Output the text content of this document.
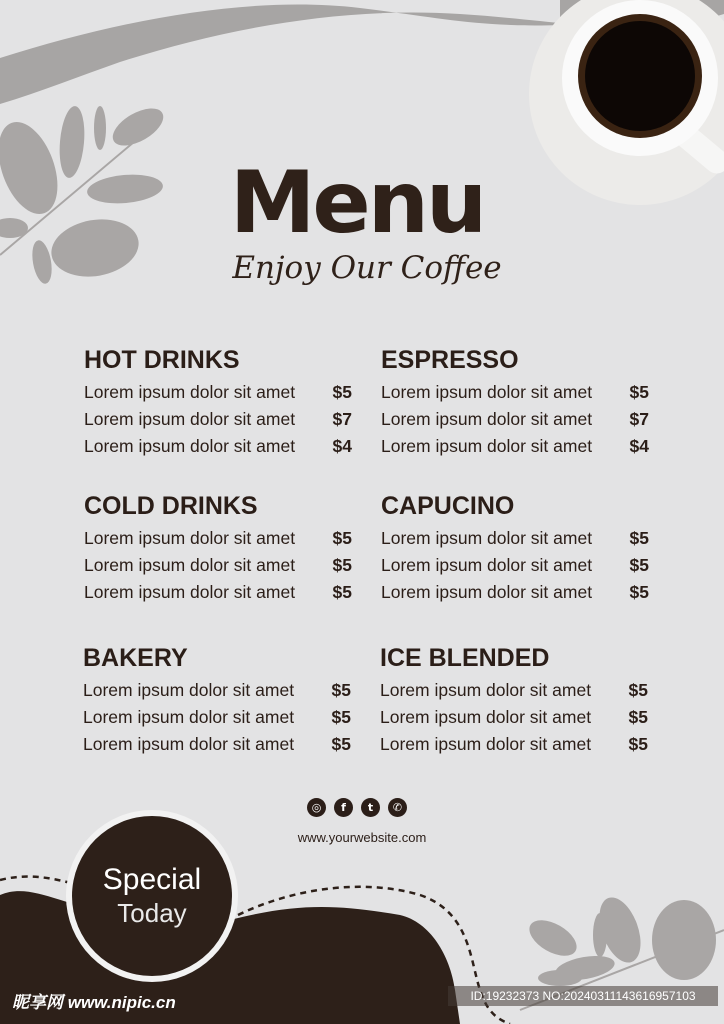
Menu
Enjoy Our Coffee
HOT DRINKS
Lorem ipsum dolor sit amet $5
Lorem ipsum dolor sit amet $7
Lorem ipsum dolor sit amet $4
ESPRESSO
Lorem ipsum dolor sit amet $5
Lorem ipsum dolor sit amet $7
Lorem ipsum dolor sit amet $4
COLD DRINKS
Lorem ipsum dolor sit amet $5
Lorem ipsum dolor sit amet $5
Lorem ipsum dolor sit amet $5
CAPUCINO
Lorem ipsum dolor sit amet $5
Lorem ipsum dolor sit amet $5
Lorem ipsum dolor sit amet $5
BAKERY
Lorem ipsum dolor sit amet $5
Lorem ipsum dolor sit amet $5
Lorem ipsum dolor sit amet $5
ICE BLENDED
Lorem ipsum dolor sit amet $5
Lorem ipsum dolor sit amet $5
Lorem ipsum dolor sit amet $5
◎	f	t	✆
www.yourwebsite.com
Special
Today
昵享网 www.nipic.cn	ID:19232373 NO:20240311143616957103
